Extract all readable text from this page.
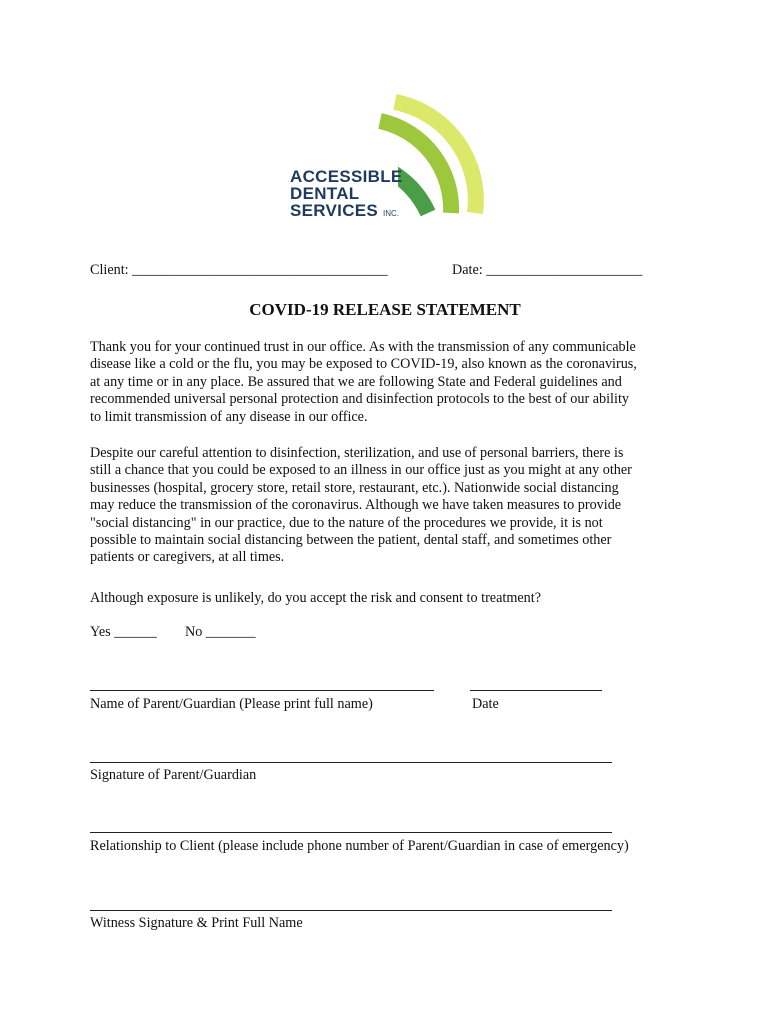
ACCESSIBLE
DENTAL
SERVICES INC.
Client: ____________________________________	Date: ______________________
COVID-19 RELEASE STATEMENT
Thank you for your continued trust in our office. As with the transmission of any communicable
disease like a cold or the flu, you may be exposed to COVID-19, also known as the coronavirus,
at any time or in any place. Be assured that we are following State and Federal guidelines and
recommended universal personal protection and disinfection protocols to the best of our ability
to limit transmission of any disease in our office.
Despite our careful attention to disinfection, sterilization, and use of personal barriers, there is
still a chance that you could be exposed to an illness in our office just as you might at any other
businesses (hospital, grocery store, retail store, restaurant, etc.). Nationwide social distancing
may reduce the transmission of the coronavirus. Although we have taken measures to provide
"social distancing" in our practice, due to the nature of the procedures we provide, it is not
possible to maintain social distancing between the patient, dental staff, and sometimes other
patients or caregivers, at all times.
Although exposure is unlikely, do you accept the risk and consent to treatment?
Yes ______ No _______
Name of Parent/Guardian (Please print full name)	Date
Signature of Parent/Guardian
Relationship to Client (please include phone number of Parent/Guardian in case of emergency)
Witness Signature & Print Full Name
